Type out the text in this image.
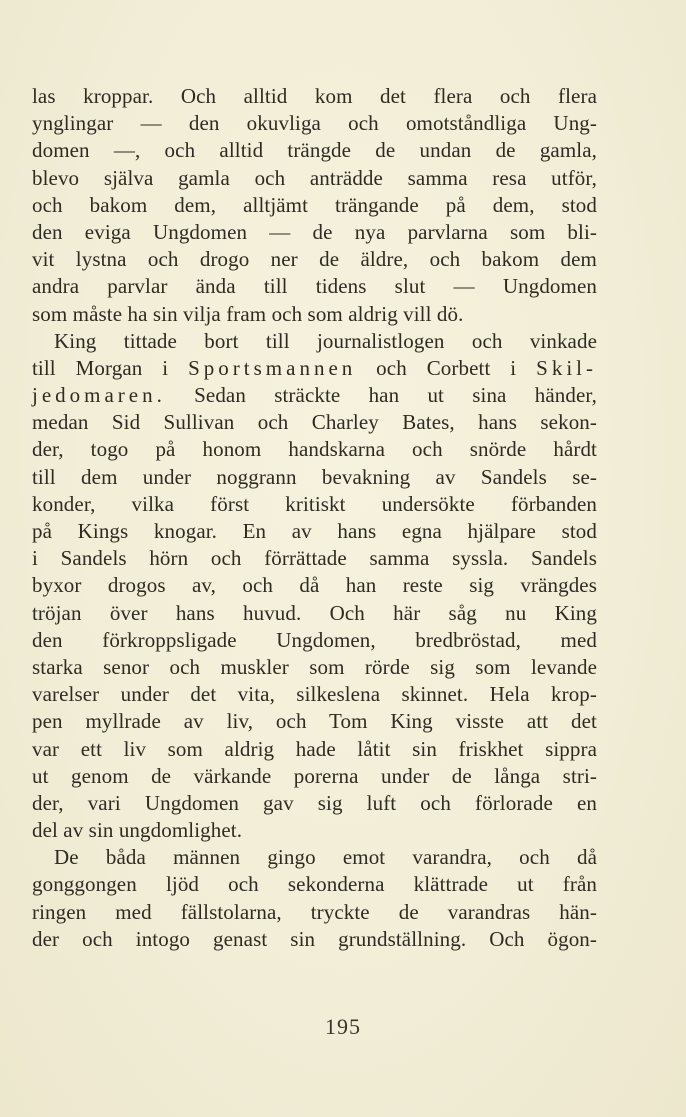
las kroppar. Och alltid kom det flera och flera
ynglingar — den okuvliga och omotståndliga Ung-
domen —, och alltid trängde de undan de gamla,
blevo själva gamla och anträdde samma resa utför,
och bakom dem, alltjämt trängande på dem, stod
den eviga Ungdomen — de nya parvlarna som bli-
vit lystna och drogo ner de äldre, och bakom dem
andra parvlar ända till tidens slut — Ungdomen
som måste ha sin vilja fram och som aldrig vill dö.
King tittade bort till journalistlogen och vinkade
till Morgan i Sportsmannen och Corbett i Skil-
jedomaren. Sedan sträckte han ut sina händer,
medan Sid Sullivan och Charley Bates, hans sekon-
der, togo på honom handskarna och snörde hårdt
till dem under noggrann bevakning av Sandels se-
konder, vilka först kritiskt undersökte förbanden
på Kings knogar. En av hans egna hjälpare stod
i Sandels hörn och förrättade samma syssla. Sandels
byxor drogos av, och då han reste sig vrängdes
tröjan över hans huvud. Och här såg nu King
den förkroppsligade Ungdomen, bredbröstad, med
starka senor och muskler som rörde sig som levande
varelser under det vita, silkeslena skinnet. Hela krop-
pen myllrade av liv, och Tom King visste att det
var ett liv som aldrig hade låtit sin friskhet sippra
ut genom de värkande porerna under de långa stri-
der, vari Ungdomen gav sig luft och förlorade en
del av sin ungdomlighet.
De båda männen gingo emot varandra, och då
gonggongen ljöd och sekonderna klättrade ut från
ringen med fällstolarna, tryckte de varandras hän-
der och intogo genast sin grundställning. Och ögon-
195
